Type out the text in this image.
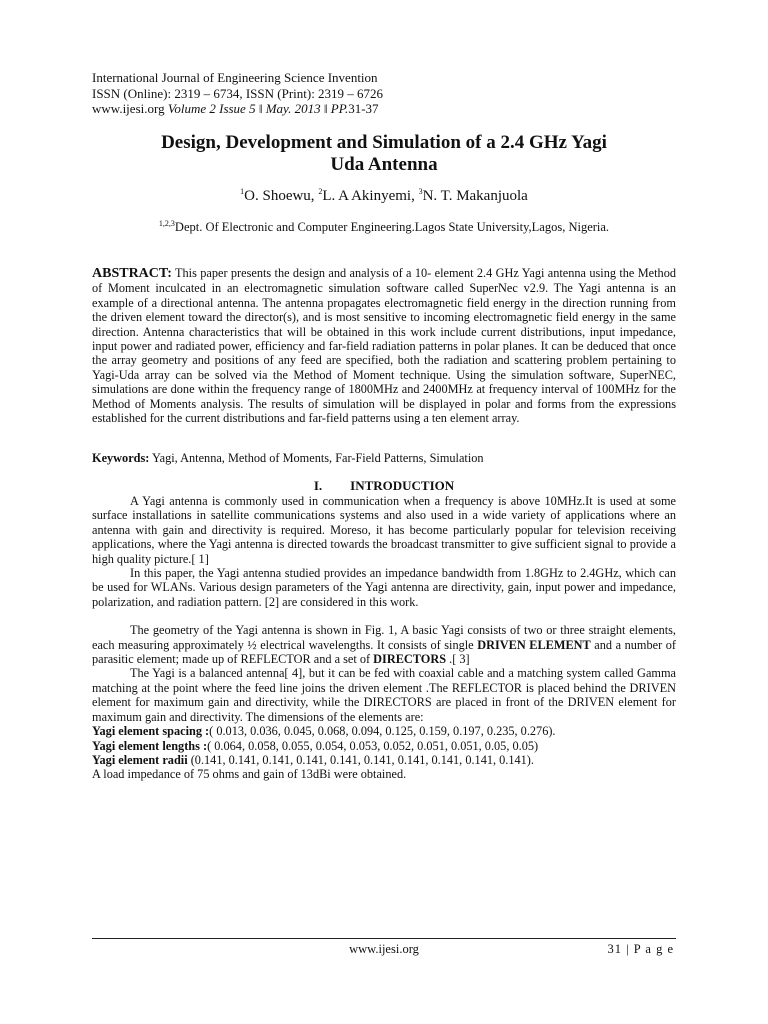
International Journal of Engineering Science Invention
ISSN (Online): 2319 – 6734, ISSN (Print): 2319 – 6726
www.ijesi.org Volume 2 Issue 5 ǁ May. 2013 ǁ PP.31-37
Design, Development and Simulation of a 2.4 GHz Yagi
Uda Antenna
$^1$O. Shoewu, $^2$L. A Akinyemi, $^3$N. T. Makanjuola
$^{1,2,3}$Dept. Of Electronic and Computer Engineering.Lagos State University,Lagos, Nigeria.
ABSTRACT: This paper presents the design and analysis of a 10- element 2.4 GHz Yagi antenna using the Method of Moment inculcated in an electromagnetic simulation software called SuperNec v2.9. The Yagi antenna is an example of a directional antenna. The antenna propagates electromagnetic field energy in the direction running from the driven element toward the director(s), and is most sensitive to incoming electromagnetic field energy in the same direction. Antenna characteristics that will be obtained in this work include current distributions, input impedance, input power and radiated power, efficiency and far-field radiation patterns in polar planes. It can be deduced that once the array geometry and positions of any feed are specified, both the radiation and scattering problem pertaining to Yagi-Uda array can be solved via the Method of Moment technique. Using the simulation software, SuperNEC, simulations are done within the frequency range of 1800MHz and 2400MHz at frequency interval of 100MHz for the Method of Moments analysis. The results of simulation will be displayed in polar and forms from the expressions established for the current distributions and far-field patterns using a ten element array.
Keywords: Yagi, Antenna, Method of Moments, Far-Field Patterns, Simulation
I. INTRODUCTION

A Yagi antenna is commonly used in communication when a frequency is above 10MHz.It is used at some surface installations in satellite communications systems and also used in a wide variety of applications where an antenna with gain and directivity is required. Moreso, it has become particularly popular for television receiving applications, where the Yagi antenna is directed towards the broadcast transmitter to give sufficient signal to provide a high quality picture.[ 1]

In this paper, the Yagi antenna studied provides an impedance bandwidth from 1.8GHz to 2.4GHz, which can be used for WLANs. Various design parameters of the Yagi antenna are directivity, gain, input power and impedance, polarization, and radiation pattern. [2] are considered in this work.

The geometry of the Yagi antenna is shown in Fig. 1, A basic Yagi consists of two or three straight elements, each measuring approximately ½ electrical wavelengths. It consists of single DRIVEN ELEMENT and a number of parasitic element; made up of REFLECTOR and a set of DIRECTORS .[ 3]

The Yagi is a balanced antenna[ 4], but it can be fed with coaxial cable and a matching system called Gamma matching at the point where the feed line joins the driven element .The REFLECTOR is placed behind the DRIVEN element for maximum gain and directivity, while the DIRECTORS are placed in front of the DRIVEN element for maximum gain and directivity. The dimensions of the elements are:

Yagi element spacing :( 0.013, 0.036, 0.045, 0.068, 0.094, 0.125, 0.159, 0.197, 0.235, 0.276).
Yagi element lengths :( 0.064, 0.058, 0.055, 0.054, 0.053, 0.052, 0.051, 0.051, 0.05, 0.05)
Yagi element radii (0.141, 0.141, 0.141, 0.141, 0.141, 0.141, 0.141, 0.141, 0.141, 0.141).
A load impedance of 75 ohms and gain of 13dBi were obtained.
www.ijesi.org	31 | P a g e
